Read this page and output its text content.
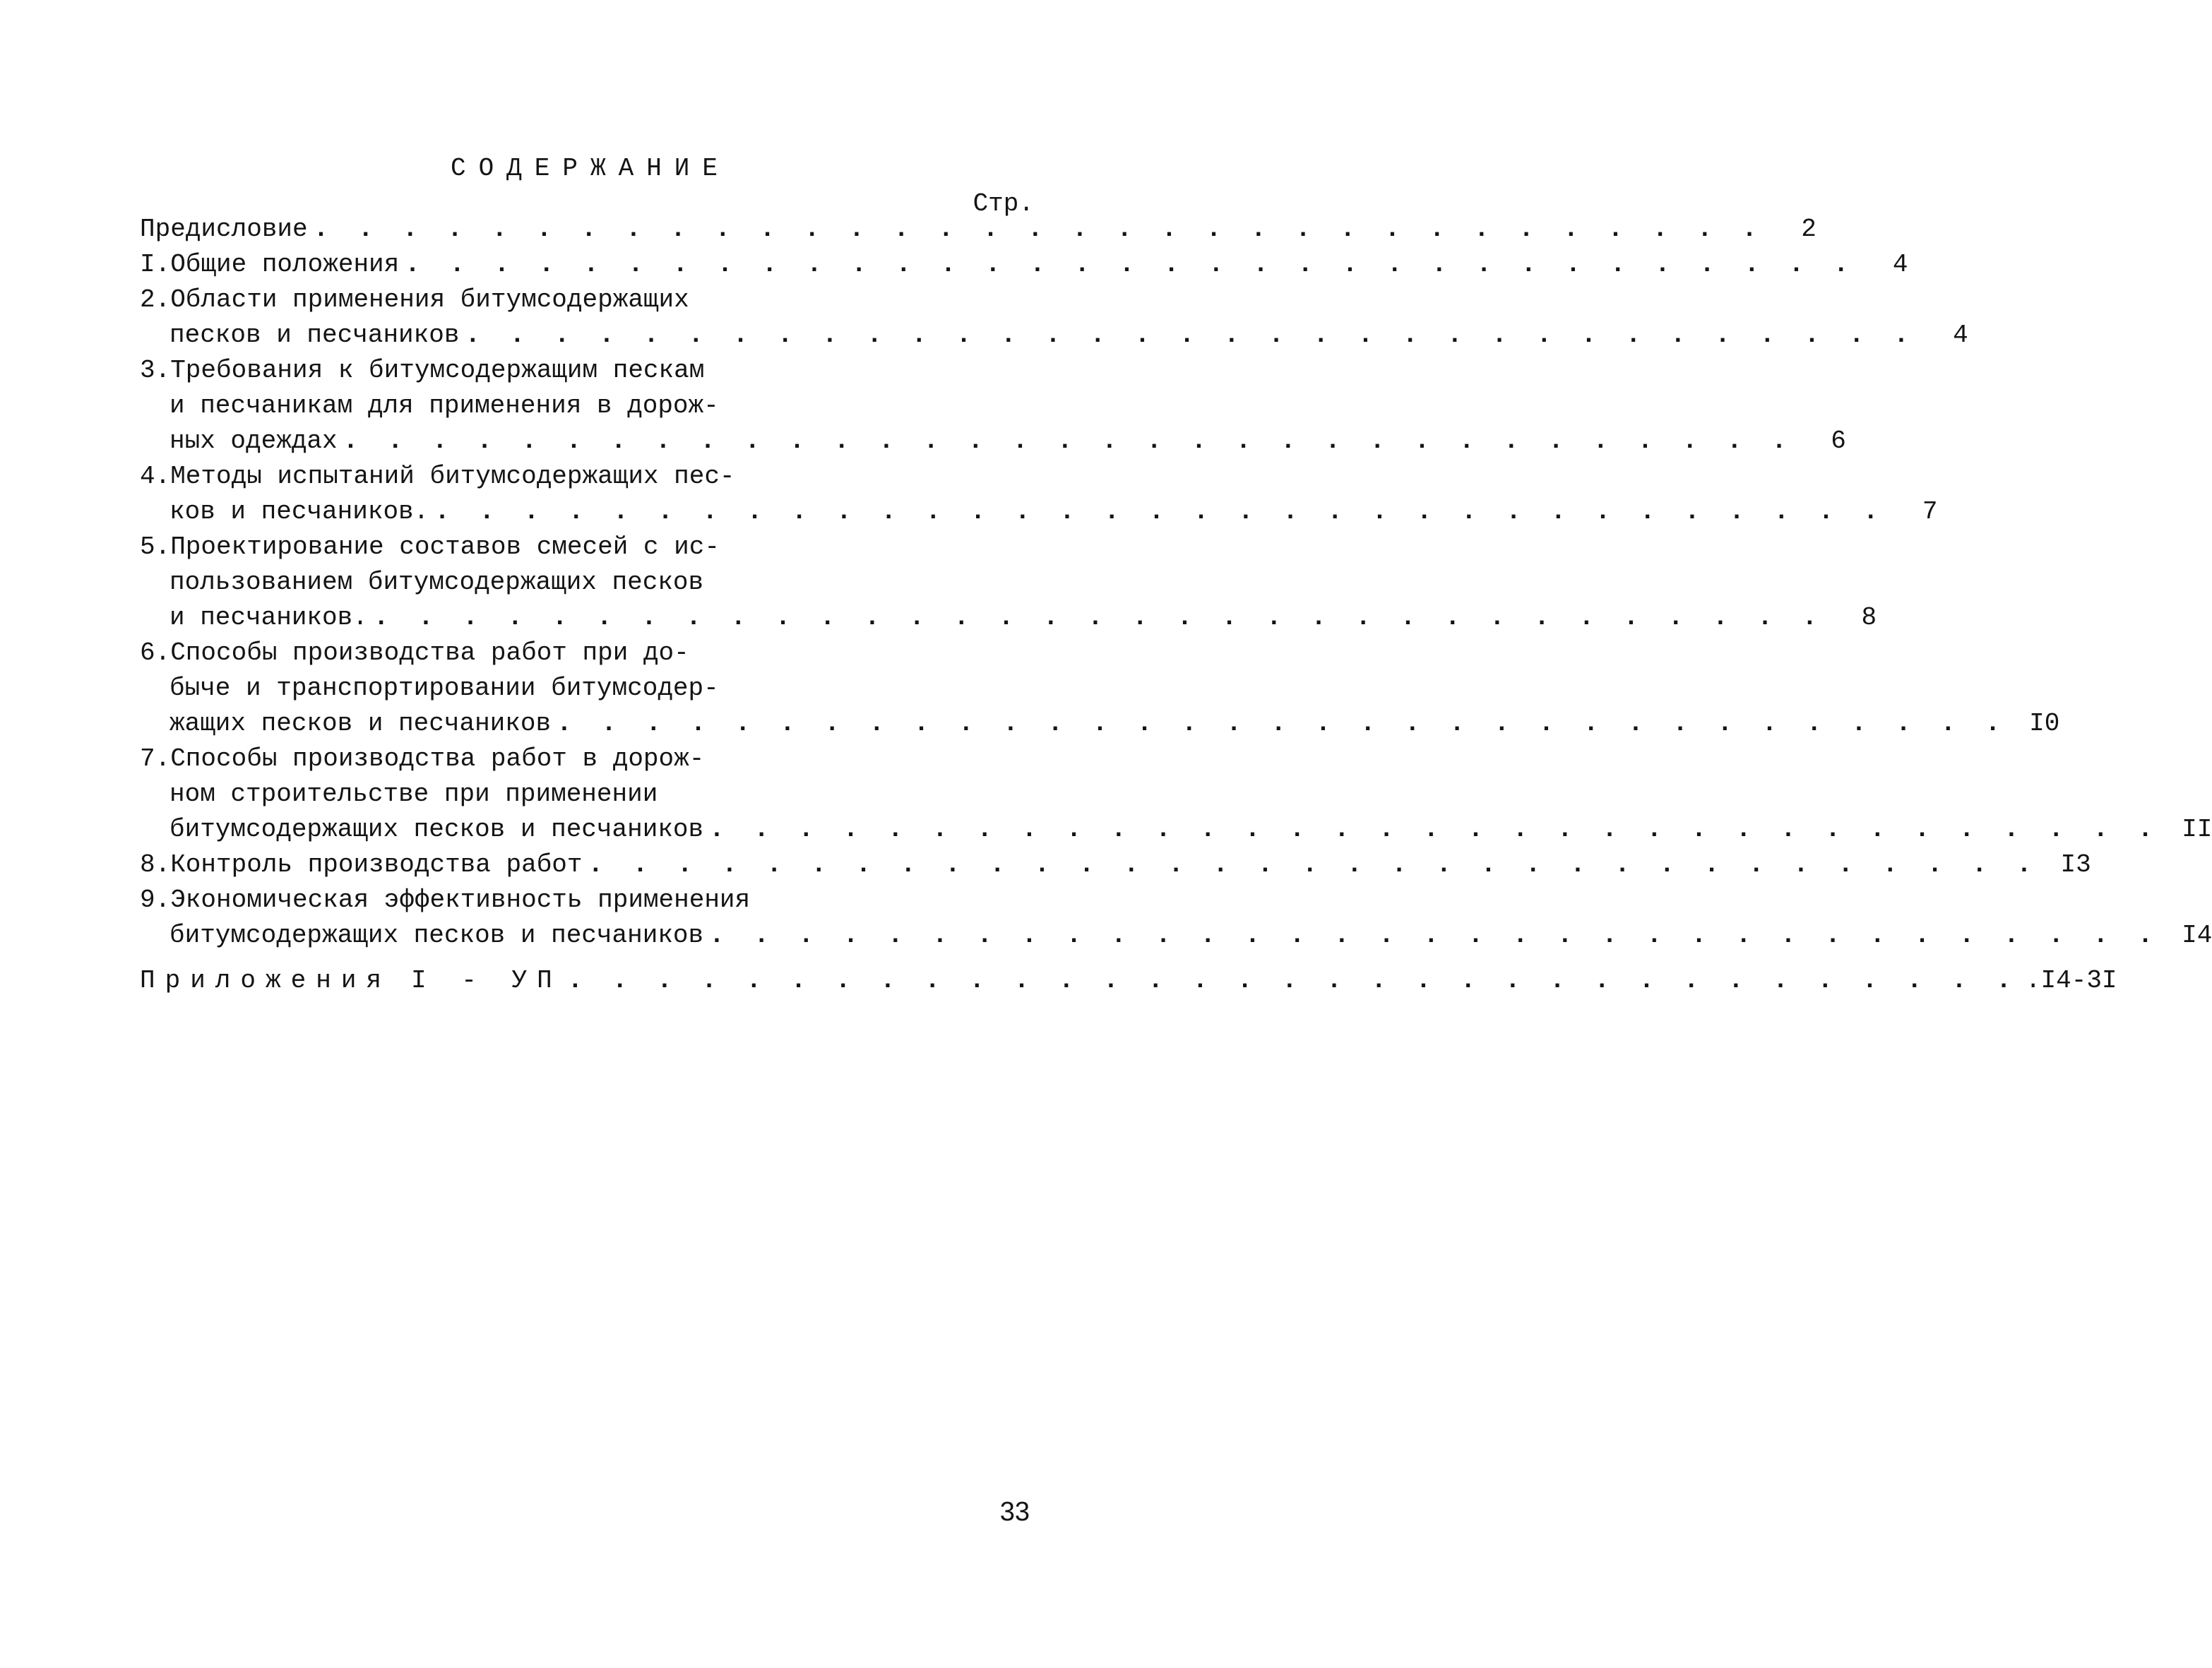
СОДЕРЖАНИЕ
Стр.
Предисловие . . . . . . . . . . . . . . . . . . . . . . . . . . . . . . . . .	2
I.Общие положения . . . . . . . . . . . . . . . . . . . . . . . . . . . . . . . . .	4
2.Области применения битумсодержащих
песков и песчаников . . . . . . . . . . . . . . . . . . . . . . . . . . . . . . . . .	4
3.Требования к битумсодержащим пескам
и песчаникам для применения в дорож-
ных одеждах . . . . . . . . . . . . . . . . . . . . . . . . . . . . . . . . .	6
4.Методы испытаний битумсодержащих пес-
ков и песчаников. . . . . . . . . . . . . . . . . . . . . . . . . . . . . . . . . .	7
5.Проектирование составов смесей с ис-
пользованием битумсодержащих песков
и песчаников. . . . . . . . . . . . . . . . . . . . . . . . . . . . . . . . . .	8
6.Способы производства работ при до-
быче и транспортировании битумсодер-
жащих песков и песчаников . . . . . . . . . . . . . . . . . . . . . . . . . . . . . . . . . I0
7.Способы производства работ в дорож-
ном строительстве при применении
битумсодержащих песков и песчаников . . . . . . . . . . . . . . . . . . . . . . . . . . . . . . . . . II
8.Контроль производства работ . . . . . . . . . . . . . . . . . . . . . . . . . . . . . . . . . I3
9.Экономическая эффективность применения
битумсодержащих песков и песчаников . . . . . . . . . . . . . . . . . . . . . . . . . . . . . . . . . I4
Приложения I - УП . . . . . . . . . . . . . . . . . . . . . . . . . . . . . . . . . .I4-3I
33
